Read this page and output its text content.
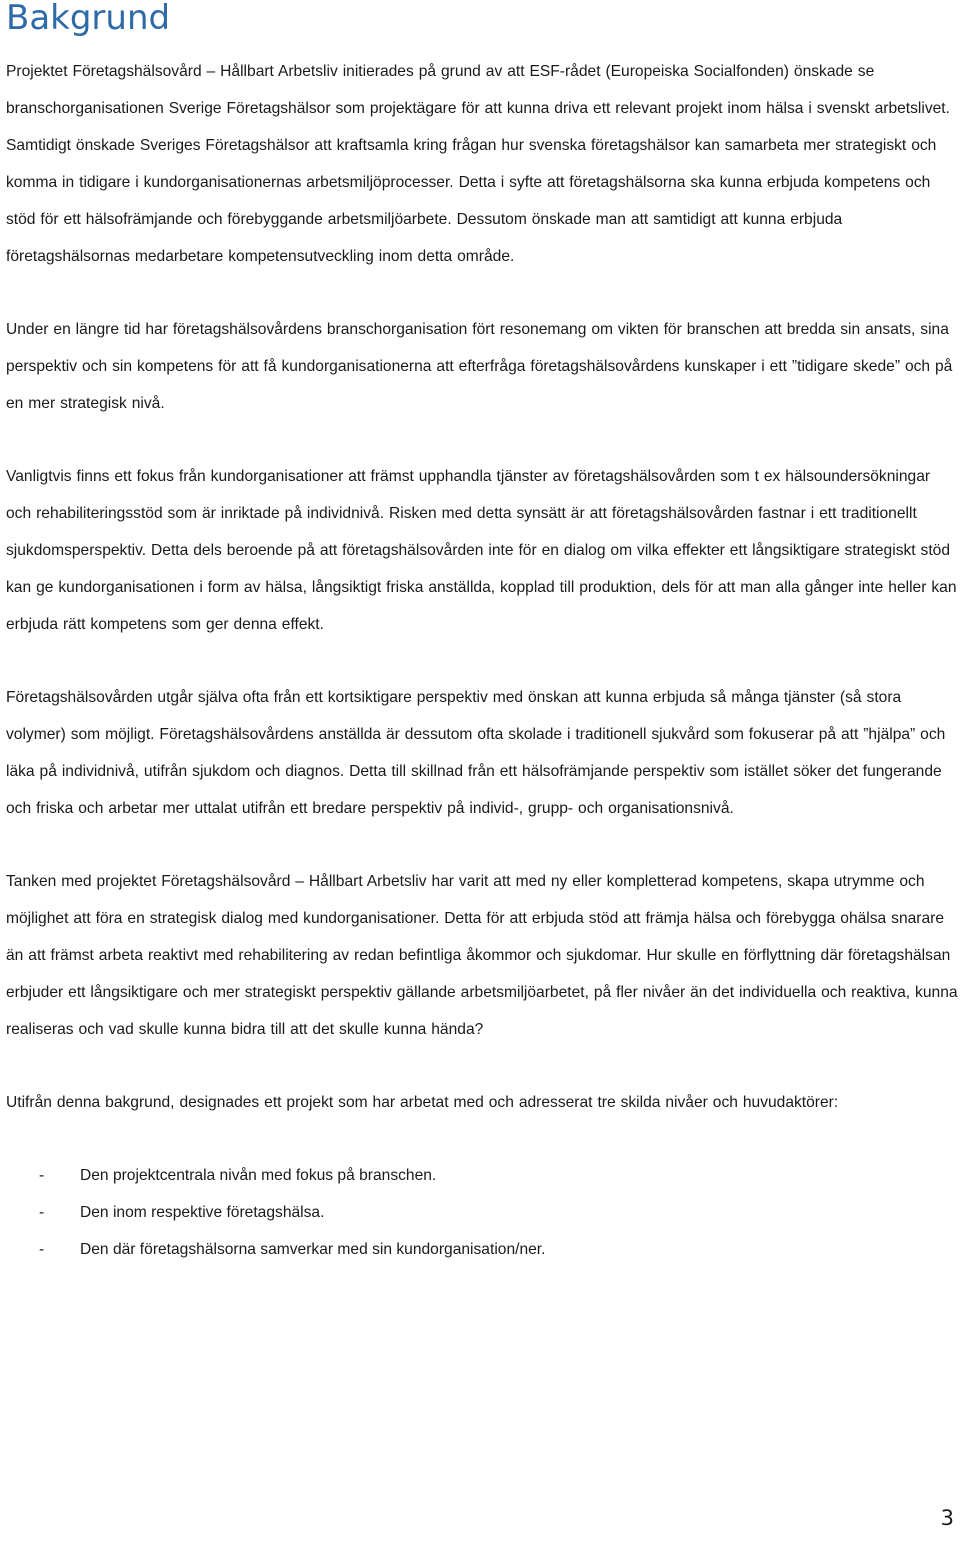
Bakgrund

Projektet Företagshälsovård – Hållbart Arbetsliv initierades på grund av att ESF-rådet (Europeiska Socialfonden) önskade se branschorganisationen Sverige Företagshälsor som projektägare för att kunna driva ett relevant projekt inom hälsa i svenskt arbetslivet. Samtidigt önskade Sveriges Företagshälsor att kraftsamla kring frågan hur svenska företagshälsor kan samarbeta mer strategiskt och komma in tidigare i kundorganisationernas arbetsmiljöprocesser. Detta i syfte att företagshälsorna ska kunna erbjuda kompetens och stöd för ett hälsofrämjande och förebyggande arbetsmiljöarbete. Dessutom önskade man att samtidigt att kunna erbjuda företagshälsornas medarbetare kompetensutveckling inom detta område.

Under en längre tid har företagshälsovårdens branschorganisation fört resonemang om vikten för branschen att bredda sin ansats, sina perspektiv och sin kompetens för att få kundorganisationerna att efterfråga företagshälsovårdens kunskaper i ett ”tidigare skede” och på en mer strategisk nivå.

Vanligtvis finns ett fokus från kundorganisationer att främst upphandla tjänster av företagshälsovården som t ex hälsoundersökningar och rehabiliteringsstöd som är inriktade på individnivå. Risken med detta synsätt är att företagshälsovården fastnar i ett traditionellt sjukdomsperspektiv. Detta dels beroende på att företagshälsovården inte för en dialog om vilka effekter ett långsiktigare strategiskt stöd kan ge kundorganisationen i form av hälsa, långsiktigt friska anställda, kopplad till produktion, dels för att man alla gånger inte heller kan erbjuda rätt kompetens som ger denna effekt.

Företagshälsovården utgår själva ofta från ett kortsiktigare perspektiv med önskan att kunna erbjuda så många tjänster (så stora volymer) som möjligt. Företagshälsovårdens anställda är dessutom ofta skolade i traditionell sjukvård som fokuserar på att ”hjälpa” och läka på individnivå, utifrån sjukdom och diagnos. Detta till skillnad från ett hälsofrämjande perspektiv som istället söker det fungerande och friska och arbetar mer uttalat utifrån ett bredare perspektiv på individ-, grupp- och organisationsnivå.

Tanken med projektet Företagshälsovård – Hållbart Arbetsliv har varit att med ny eller kompletterad kompetens, skapa utrymme och möjlighet att föra en strategisk dialog med kundorganisationer. Detta för att erbjuda stöd att främja hälsa och förebygga ohälsa snarare än att främst arbeta reaktivt med rehabilitering av redan befintliga åkommor och sjukdomar. Hur skulle en förflyttning där företagshälsan erbjuder ett långsiktigare och mer strategiskt perspektiv gällande arbetsmiljöarbetet, på fler nivåer än det individuella och reaktiva, kunna realiseras och vad skulle kunna bidra till att det skulle kunna hända?

Utifrån denna bakgrund, designades ett projekt som har arbetat med och adresserat tre skilda nivåer och huvudaktörer:

- Den projektcentrala nivån med fokus på branschen.
- Den inom respektive företagshälsa.
- Den där företagshälsorna samverkar med sin kundorganisation/ner.
3
